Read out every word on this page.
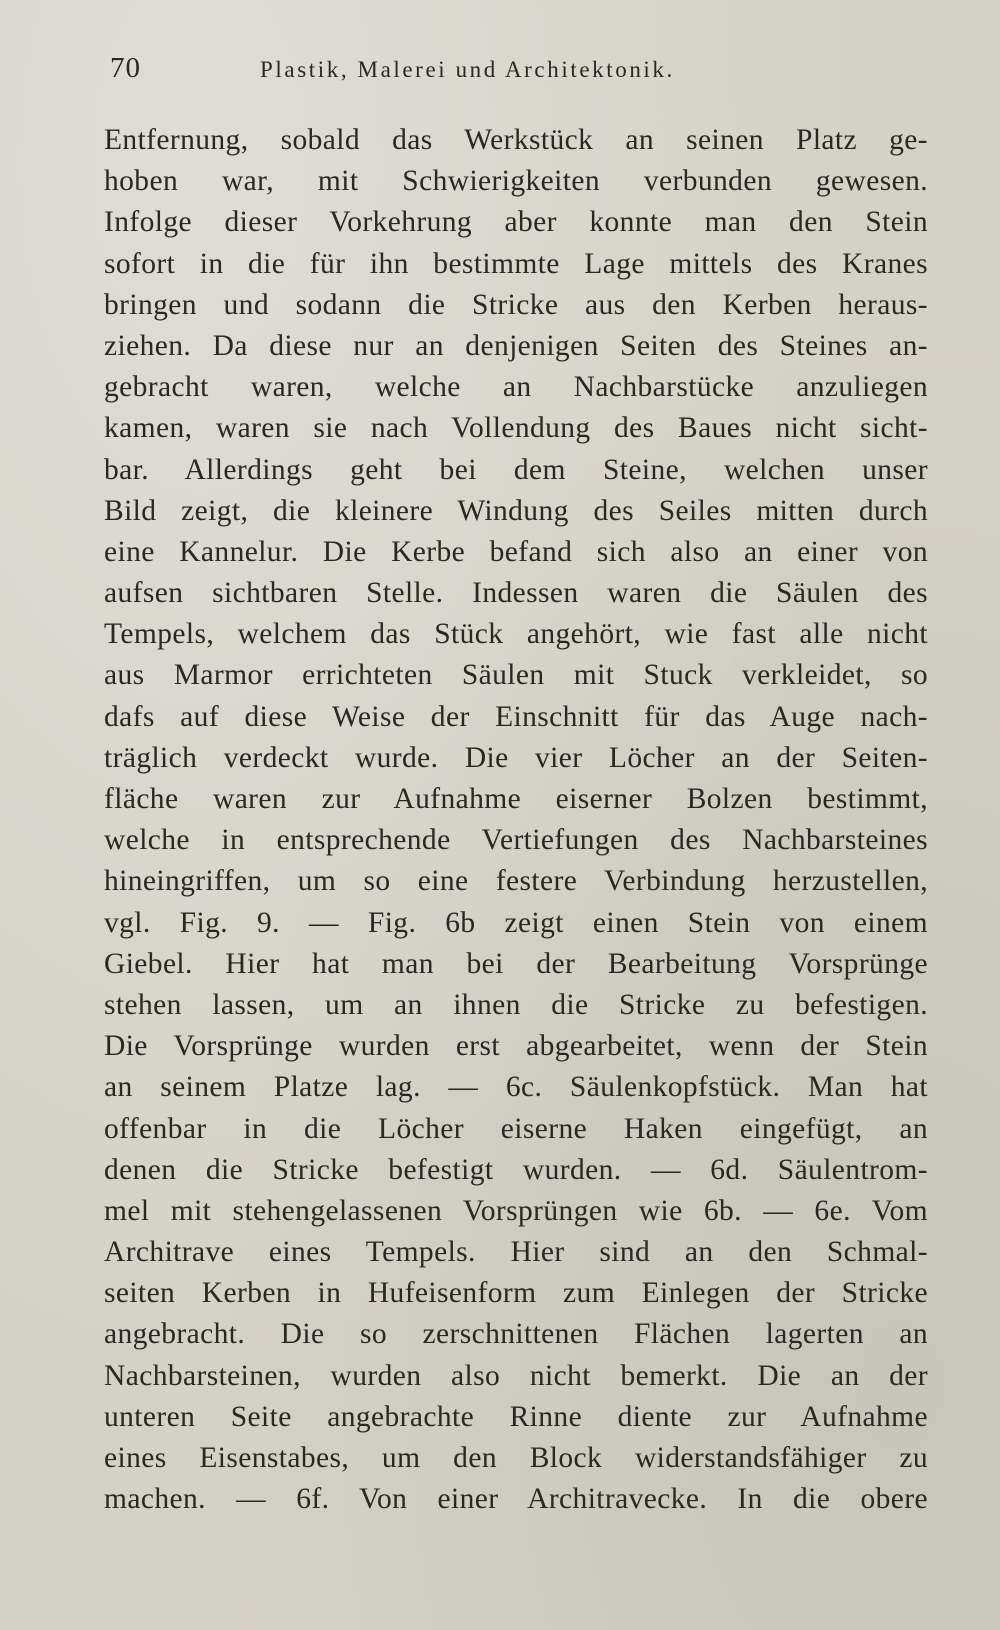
70	Plastik, Malerei und Architektonik.
Entfernung, sobald das Werkstück an seinen Platz ge-
hoben war, mit Schwierigkeiten verbunden gewesen.
Infolge dieser Vorkehrung aber konnte man den Stein
sofort in die für ihn bestimmte Lage mittels des Kranes
bringen und sodann die Stricke aus den Kerben heraus-
ziehen. Da diese nur an denjenigen Seiten des Steines an-
gebracht waren, welche an Nachbarstücke anzuliegen
kamen, waren sie nach Vollendung des Baues nicht sicht-
bar. Allerdings geht bei dem Steine, welchen unser
Bild zeigt, die kleinere Windung des Seiles mitten durch
eine Kannelur. Die Kerbe befand sich also an einer von
aufsen sichtbaren Stelle. Indessen waren die Säulen des
Tempels, welchem das Stück angehört, wie fast alle nicht
aus Marmor errichteten Säulen mit Stuck verkleidet, so
dafs auf diese Weise der Einschnitt für das Auge nach-
träglich verdeckt wurde. Die vier Löcher an der Seiten-
fläche waren zur Aufnahme eiserner Bolzen bestimmt,
welche in entsprechende Vertiefungen des Nachbarsteines
hineingriffen, um so eine festere Verbindung herzustellen,
vgl. Fig. 9. — Fig. 6b zeigt einen Stein von einem
Giebel. Hier hat man bei der Bearbeitung Vorsprünge
stehen lassen, um an ihnen die Stricke zu befestigen.
Die Vorsprünge wurden erst abgearbeitet, wenn der Stein
an seinem Platze lag. — 6c. Säulenkopfstück. Man hat
offenbar in die Löcher eiserne Haken eingefügt, an
denen die Stricke befestigt wurden. — 6d. Säulentrom-
mel mit stehengelassenen Vorsprüngen wie 6b. — 6e. Vom
Architrave eines Tempels. Hier sind an den Schmal-
seiten Kerben in Hufeisenform zum Einlegen der Stricke
angebracht. Die so zerschnittenen Flächen lagerten an
Nachbarsteinen, wurden also nicht bemerkt. Die an der
unteren Seite angebrachte Rinne diente zur Aufnahme
eines Eisenstabes, um den Block widerstandsfähiger zu
machen. — 6f. Von einer Architravecke. In die obere
